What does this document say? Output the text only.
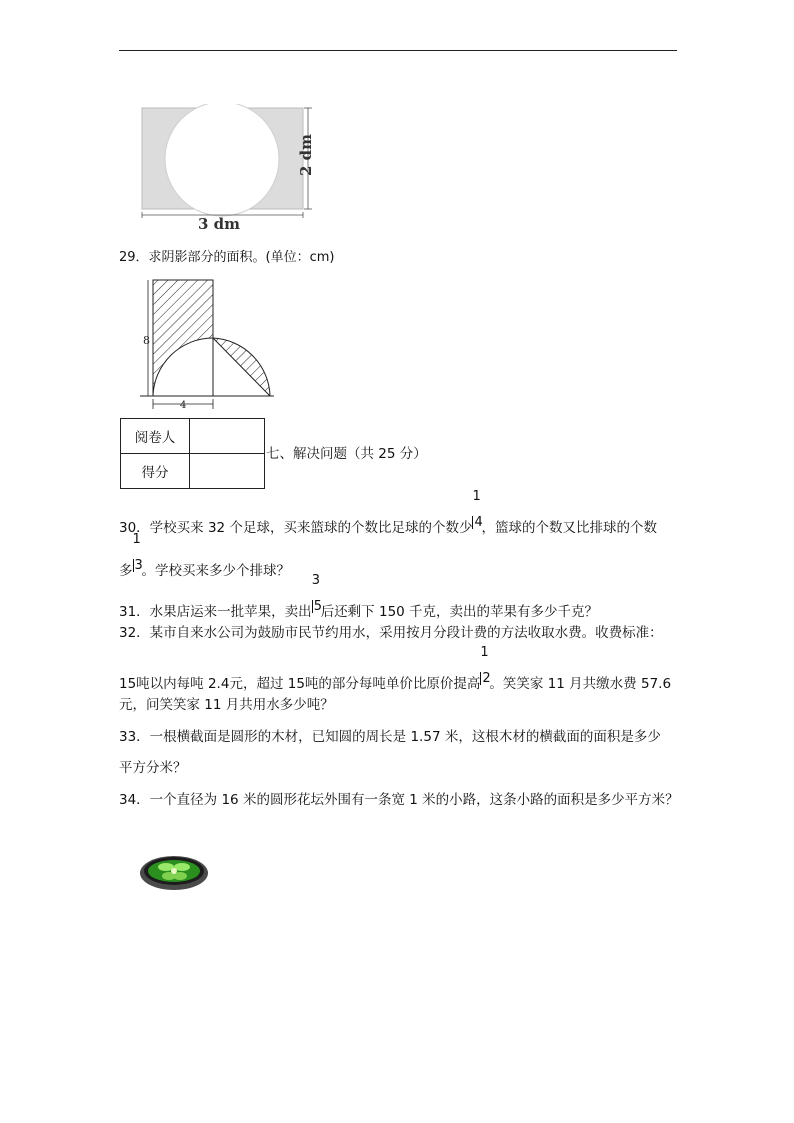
3 dm
2 dm
29．求阴影部分的面积。(单位：cm)
8
4
阅卷人	
得分	
七、解决问题（共 25 分）
30．学校买来 32 个足球，买来篮球的个数比足球的个数少
1
4
，篮球的个数又比排球的个数
多
1
3
。学校买来多少个排球？
31．水果店运来一批苹果，卖出
3
5
后还剩下 150 千克，卖出的苹果有多少千克？
32．某市自来水公司为鼓励市民节约用水，采用按月分段计费的方法收取水费。收费标准：
15吨以内每吨 2.4元，超过 15吨的部分每吨单价比原价提高
1
2
。笑笑家 11 月共缴水费 57.6
元，问笑笑家 11 月共用水多少吨？
33．一根横截面是圆形的木材，已知圆的周长是 1.57 米，这根木材的横截面的面积是多少
平方分米？
34．一个直径为 16 米的圆形花坛外围有一条宽 1 米的小路，这条小路的面积是多少平方米？
